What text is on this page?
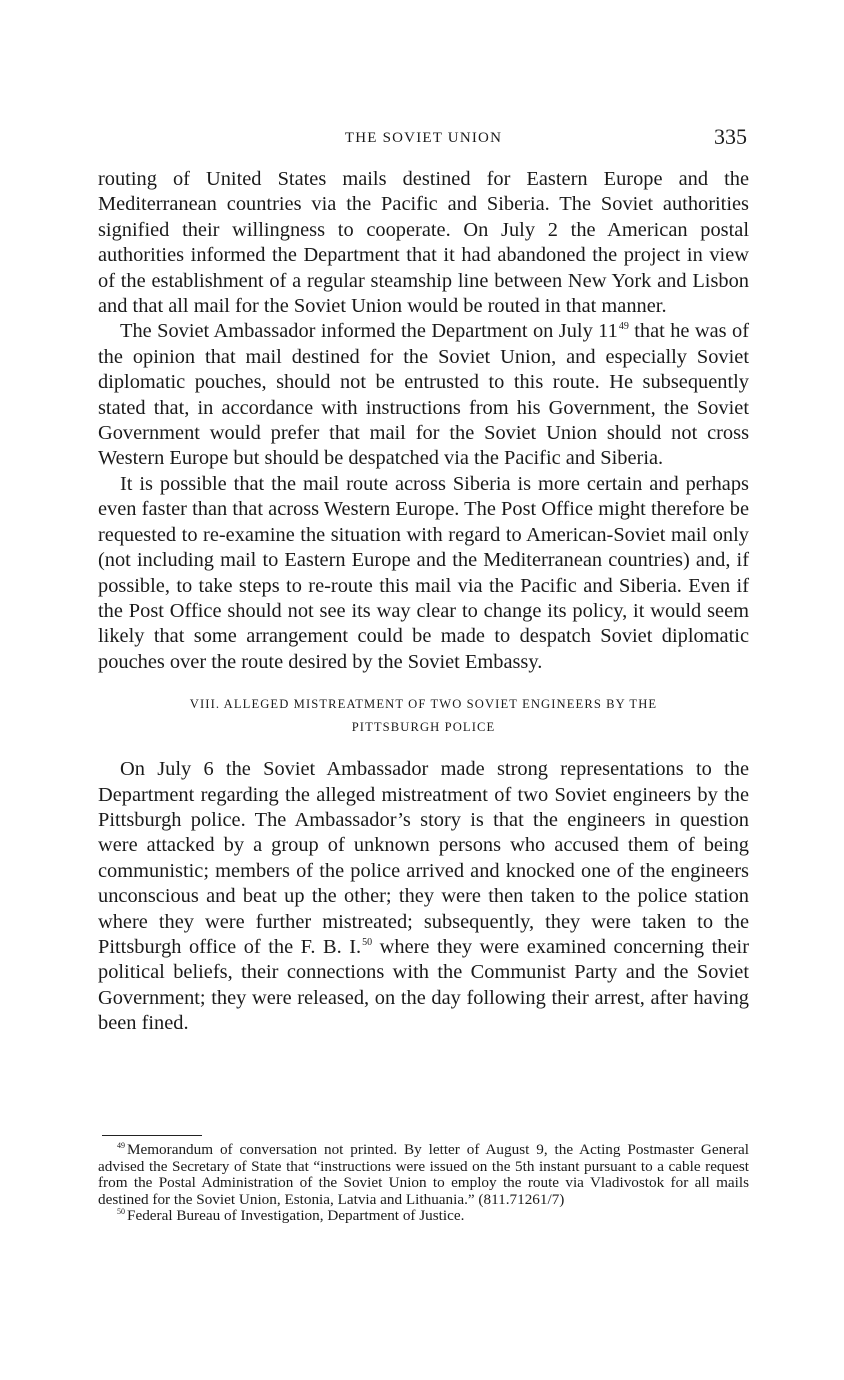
THE SOVIET UNION	335

routing of United States mails destined for Eastern Europe and the Mediterranean countries via the Pacific and Siberia. The Soviet authorities signified their willingness to cooperate. On July 2 the American postal authorities informed the Department that it had abandoned the project in view of the establishment of a regular steamship line between New York and Lisbon and that all mail for the Soviet Union would be routed in that manner.

The Soviet Ambassador informed the Department on July $11^{49}$ that he was of the opinion that mail destined for the Soviet Union, and especially Soviet diplomatic pouches, should not be entrusted to this route. He subsequently stated that, in accordance with instructions from his Government, the Soviet Government would prefer that mail for the Soviet Union should not cross Western Europe but should be despatched via the Pacific and Siberia.

It is possible that the mail route across Siberia is more certain and perhaps even faster than that across Western Europe. The Post Office might therefore be requested to re-examine the situation with regard to American-Soviet mail only (not including mail to Eastern Europe and the Mediterranean countries) and, if possible, to take steps to re-route this mail via the Pacific and Siberia. Even if the Post Office should not see its way clear to change its policy, it would seem likely that some arrangement could be made to despatch Soviet diplomatic pouches over the route desired by the Soviet Embassy.

VIII. ALLEGED MISTREATMENT OF TWO SOVIET ENGINEERS BY THE
PITTSBURGH POLICE

On July 6 the Soviet Ambassador made strong representations to the Department regarding the alleged mistreatment of two Soviet engineers by the Pittsburgh police. The Ambassador’s story is that the engineers in question were attacked by a group of unknown persons who accused them of being communistic; members of the police arrived and knocked one of the engineers unconscious and beat up the other; they were then taken to the police station where they were further mistreated; subsequently, they were taken to the Pittsburgh office of the F. B. I.$^{50}$ where they were examined concerning their political beliefs, their connections with the Communist Party and the Soviet Government; they were released, on the day following their arrest, after having been fined.

$^{49}$ Memorandum of conversation not printed. By letter of August 9, the Acting Postmaster General advised the Secretary of State that “instructions were issued on the 5th instant pursuant to a cable request from the Postal Administration of the Soviet Union to employ the route via Vladivostok for all mails destined for the Soviet Union, Estonia, Latvia and Lithuania.” (811.71261/7)

$^{50}$ Federal Bureau of Investigation, Department of Justice.
